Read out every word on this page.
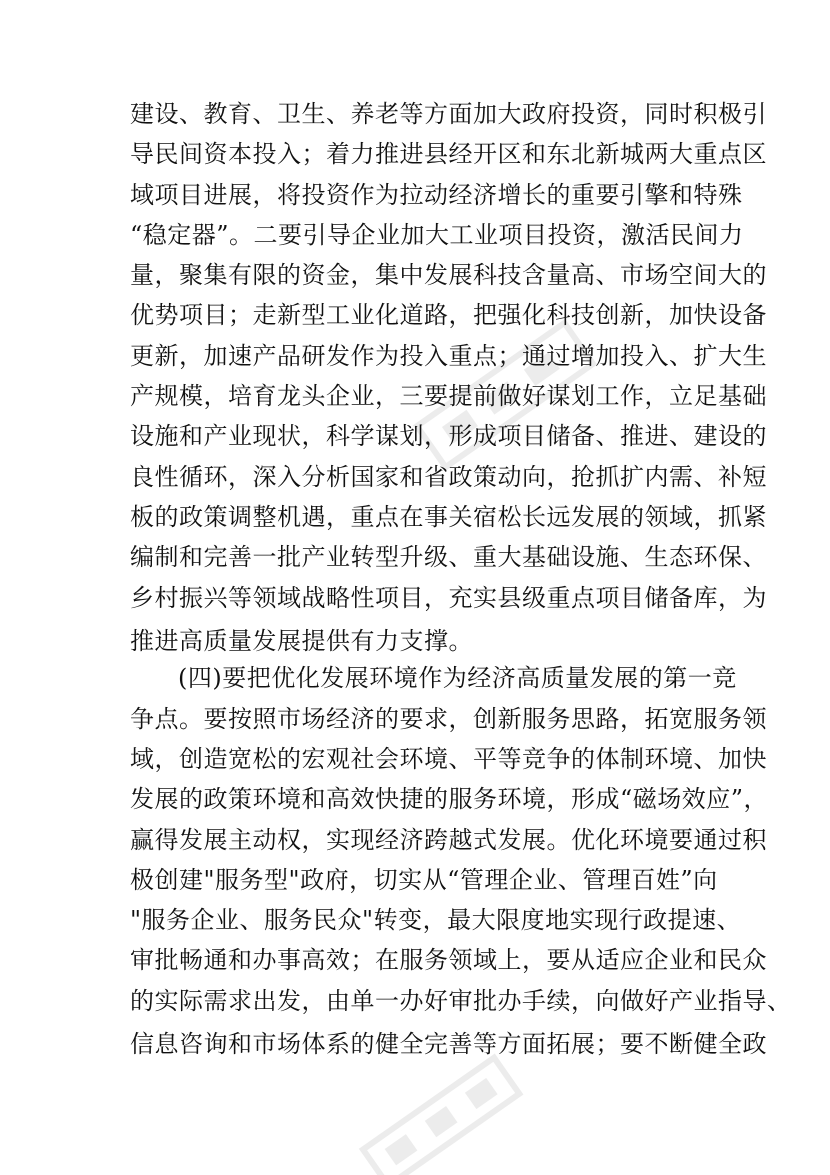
建设、教育、卫生、养老等方面加大政府投资，同时积极引
导民间资本投入；着力推进县经开区和东北新城两大重点区
域项目进展，将投资作为拉动经济增长的重要引擎和特殊
“稳定器”。二要引导企业加大工业项目投资，激活民间力
量，聚集有限的资金，集中发展科技含量高、市场空间大的
优势项目；走新型工业化道路，把强化科技创新，加快设备
更新，加速产品研发作为投入重点；通过增加投入、扩大生
产规模，培育龙头企业，三要提前做好谋划工作，立足基础
设施和产业现状，科学谋划，形成项目储备、推进、建设的
良性循环，深入分析国家和省政策动向，抢抓扩内需、补短
板的政策调整机遇，重点在事关宿松长远发展的领域，抓紧
编制和完善一批产业转型升级、重大基础设施、生态环保、
乡村振兴等领域战略性项目，充实县级重点项目储备库，为
推进高质量发展提供有力支撑。
(四)要把优化发展环境作为经济高质量发展的第一竞
争点。要按照市场经济的要求，创新服务思路，拓宽服务领
域，创造宽松的宏观社会环境、平等竞争的体制环境、加快
发展的政策环境和高效快捷的服务环境，形成“磁场效应”，
赢得发展主动权，实现经济跨越式发展。优化环境要通过积
极创建"服务型"政府，切实从“管理企业、管理百姓”向
"服务企业、服务民众"转变，最大限度地实现行政提速、
审批畅通和办事高效；在服务领域上，要从适应企业和民众
的实际需求出发，由单一办好审批办手续，向做好产业指导、
信息咨询和市场体系的健全完善等方面拓展；要不断健全政
